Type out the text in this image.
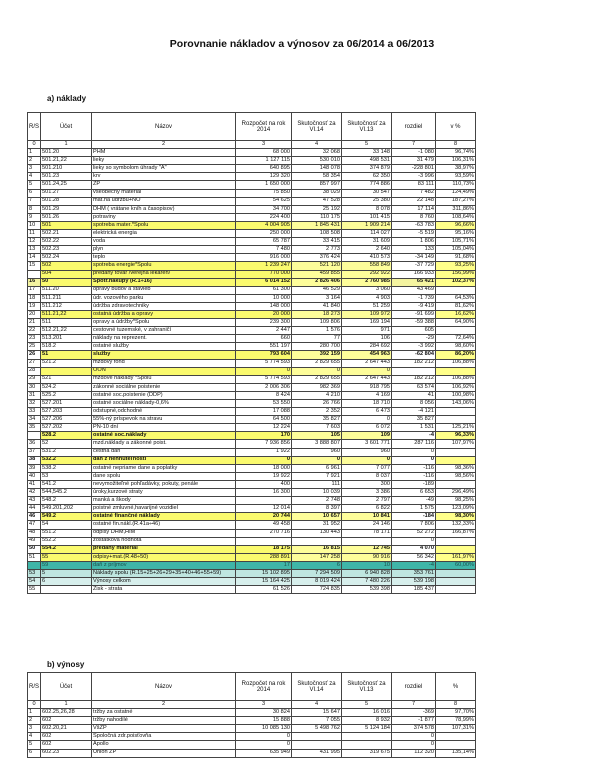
Porovnanie nákladov a výnosov za 06/2014 a 06/2013
a) náklady
R/S	Účet	Názov	Rozpočet na rok 2014	Skutočnosť za VI.14	Skutočnosť za VI.13	rozdiel	v %
0	1	2	3	4	5	7	8
1	501.20	PHM	68 000	32 068	33 148	-1 080	96,74%
2	501.21,22	lieky	1 127 115	530 010	498 531	31 479	106,31%
3	501.210	lieky so symbolom úhrady "A"	640 895	148 078	374 879	-228 801	38,97%
4	501.23	krv	129 320	58 354	62 350	-3 996	93,59%
5	501.24,25	ZP	1 650 000	857 997	774 886	83 111	110,73%
6	501.27	všeobecný materiál	75 850	38 029	30 547	7 482	124,49%
7	501.28	mat.na údržbu+NO	54 625	47 528	25 380	22 148	187,27%
8	501.29	DHM ( vrátane kníh a časopisov)	34 700	25 192	8 078	17 114	311,86%
9	501.26	potraviny	224 400	110 175	101 415	8 760	108,64%
10	501	spotreba mater.*Spolu	4 004 905	1 845 431	1 909 214	-63 783	96,66%
11	502.21	elektrická energia	250 000	108 508	114 027	-5 519	95,16%
12	502.22	voda	65 787	33 415	31 609	1 806	105,71%
13	502.23	plyn	7 480	2 773	2 640	133	105,04%
14	502.24	teplo	916 000	376 424	410 573	-34 149	91,68%
15	502	spotreba energie*Spolu	1 239 247	521 120	558 849	-37 729	93,25%
	504	predaný tovar /verejná lekáreň/	770 000	459 855	292 922	166 933	156,99%
16	50	Spotr.nákupy (R.1÷16)	6 014 152	2 826 406	2 760 985	65 421	102,37%
17	511.20	opravy budov a stavieb	61 300	46 529	3 060	43 469	
18	511.211	údr. vozového parku	10 000	3 164	4 903	-1 739	64,53%
19	511.212	údržba zdravotechniky	148 000	41 840	51 259	-9 419	81,62%
20	511.21,22	ostatná údržba a opravy	20 000	18 273	109 972	-91 699	16,62%
21	511	opravy a údržby*Spolu	239 300	109 806	169 194	-59 388	64,90%
22	512.21,22	cestovné tuzemské, v zahraničí	2 447	1 576	971	605	
23	513.201	náklady na reprezent.	660	77	106	-29	72,64%
25	518.2	ostatné služby	551 197	280 700	284 692	-3 992	98,60%
26	51	služby	793 604	392 159	454 963	-62 804	86,20%
27	521.2	mzdový fond	5 774 593	2 829 655	2 647 443	182 212	106,88%
28		OON	0	0	0		
29	521	mzdové náklady *Spolu	5 774 593	2 829 655	2 647 443	182 212	106,88%
30	524.2	zákonné sociálne poistenie	2 006 306	982 369	918 795	63 574	106,92%
31	525.2	ostatné soc.poistenie (DDP)	8 424	4 210	4 169	41	100,98%
32	527.201	ostatné sociálne náklady-0,6%	53 550	26 766	18 710	8 056	143,06%
33	527.203	odstupné,odchodné	17 088	2 352	6 473	-4 121	
34	527.206	55%-ný príspevok na stravu	64 500	35 827	0	35 827	
35	527.202	PN-10 dní	12 224	7 603	6 072	1 531	125,21%
	528.2	ostatné soc.náklady	170	105	109	-4	96,33%
36	52	mzd.náklady a zákonné poist.	7 936 856	3 888 807	3 601 771	287 116	107,97%
37	531.2	cestná daň	1 922	960	960	0	
38	532.2	daň z nehnuteľností	0	0	0	0	
39	538.2	ostatné nepriame dane a poplatky	18 000	6 961	7 077	-116	98,36%
40	53	dane spolu	19 922	7 921	8 037	-116	98,56%
41	541.2	nevymožiteľné pohľadávky, pokuty, penále	400	111	300	-189	
42	544,545.2	úroky,kurzové straty	16 300	10 039	3 386	6 653	296,49%
43	548.2	manká a škody		2 748	2 797	-49	98,25%
44	549.201,202	poistné zmluvné,havarijné vozidiel	12 014	8 397	6 822	1 575	123,09%
46	549.2	ostatné finančné náklady	20 744	10 657	10 841	-184	98,30%
47	54	ostatné fin.nákl.(R.41a÷46)	49 458	31 952	24 146	7 806	132,33%
48	551.2	odpisy DHM,HIM	270 716	130 443	78 171	52 272	166,87%
49	552.2	zostatková hodnota				0	
50	554.2	predaný materiál	18 175	16 815	12 745	4 070	
51	55	odpisy+mat.(R.48÷50)	288 891	147 258	90 916	56 342	161,97%
	59	daň z príjmov	17	6	10	-4	60,00%
53	5	Náklady spolu (R.15+25+26+29+35+40+46+55+59)	15 102 895	7 294 509	6 940 828	353 761	
54	6	Výnosy celkom	15 164 425	8 019 424	7 480 226	539 198	
55		Zisk - strata	61 526	724 835	539 398	185 437	
b) výnosy
R/S	Účet	Názov	Rozpočet na rok 2014	Skutočnosť za VI.14	Skutočnosť za VI.13	rozdiel	%
0	1	2	3	4	5	7	8
1	602.25,26,28	tržby za ostatné	30 824	15 647	16 016	-369	97,70%
2	602	tržby nahodilé	15 888	7 055	8 932	-1 877	78,99%
3	602.20,21	VšZP	10 085 130	5 498 762	5 124 184	374 578	107,31%
4	602	Spoločná zdr.poisťovňa	0			0	
5	602	Apollo	0			0	
6	602.23	Union ZP	635 949	431 995	319 675	112 320	135,14%
